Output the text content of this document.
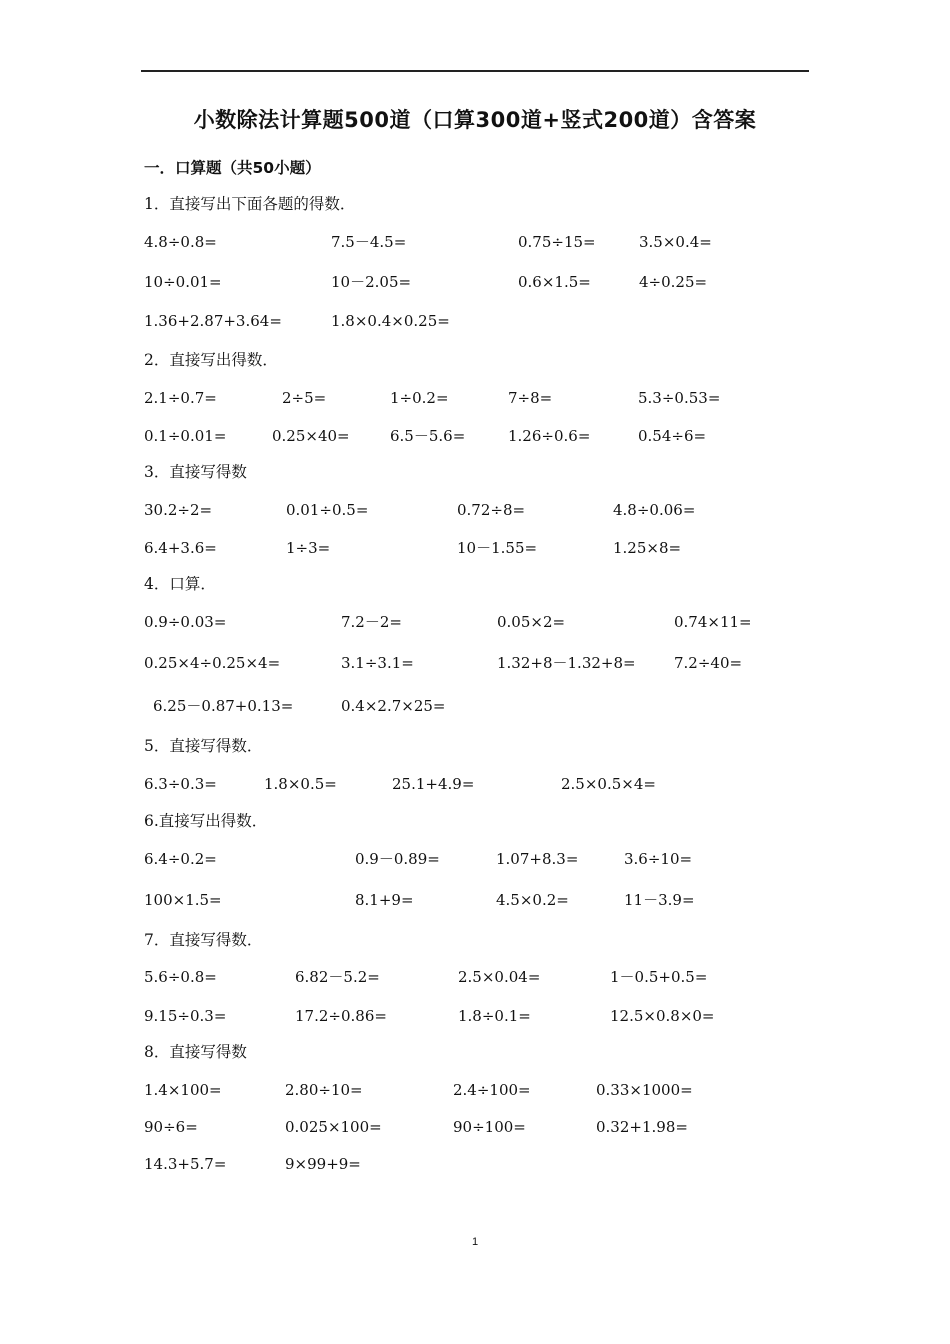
小数除法计算题500道（口算300道+竖式200道）含答案
一．口算题（共50小题）
1．直接写出下面各题的得数．
4.8÷0.8=	7.5－4.5=	0.75÷15=	3.5×0.4=
10÷0.01=	10－2.05=	0.6×1.5=	4÷0.25=
1.36+2.87+3.64=	1.8×0.4×0.25=
2．直接写出得数．
2.1÷0.7=	2÷5=	1÷0.2=	7÷8=	5.3÷0.53=
0.1÷0.01=	0.25×40=	6.5－5.6=	1.26÷0.6=	0.54÷6=
3．直接写得数
30.2÷2=	0.01÷0.5=	0.72÷8=	4.8÷0.06=
6.4+3.6=	1÷3=	10－1.55=	1.25×8=
4．口算．
0.9÷0.03=	7.2－2=	0.05×2=	0.74×11=
0.25×4÷0.25×4=	3.1÷3.1=	1.32+8－1.32+8=	7.2÷40=
6.25－0.87+0.13=	0.4×2.7×25=
5．直接写得数．
6.3÷0.3=	1.8×0.5=	25.1+4.9=	2.5×0.5×4=
6.直接写出得数．
6.4÷0.2=	0.9－0.89=	1.07+8.3=	3.6÷10=
100×1.5=	8.1+9=	4.5×0.2=	11－3.9=
7．直接写得数．
5.6÷0.8=	6.82－5.2=	2.5×0.04=	1－0.5+0.5=
9.15÷0.3=	17.2÷0.86=	1.8÷0.1=	12.5×0.8×0=
8．直接写得数
1.4×100=	2.80÷10=	2.4÷100=	0.33×1000=
90÷6=	0.025×100=	90÷100=	0.32+1.98=
14.3+5.7=	9×99+9=
1
